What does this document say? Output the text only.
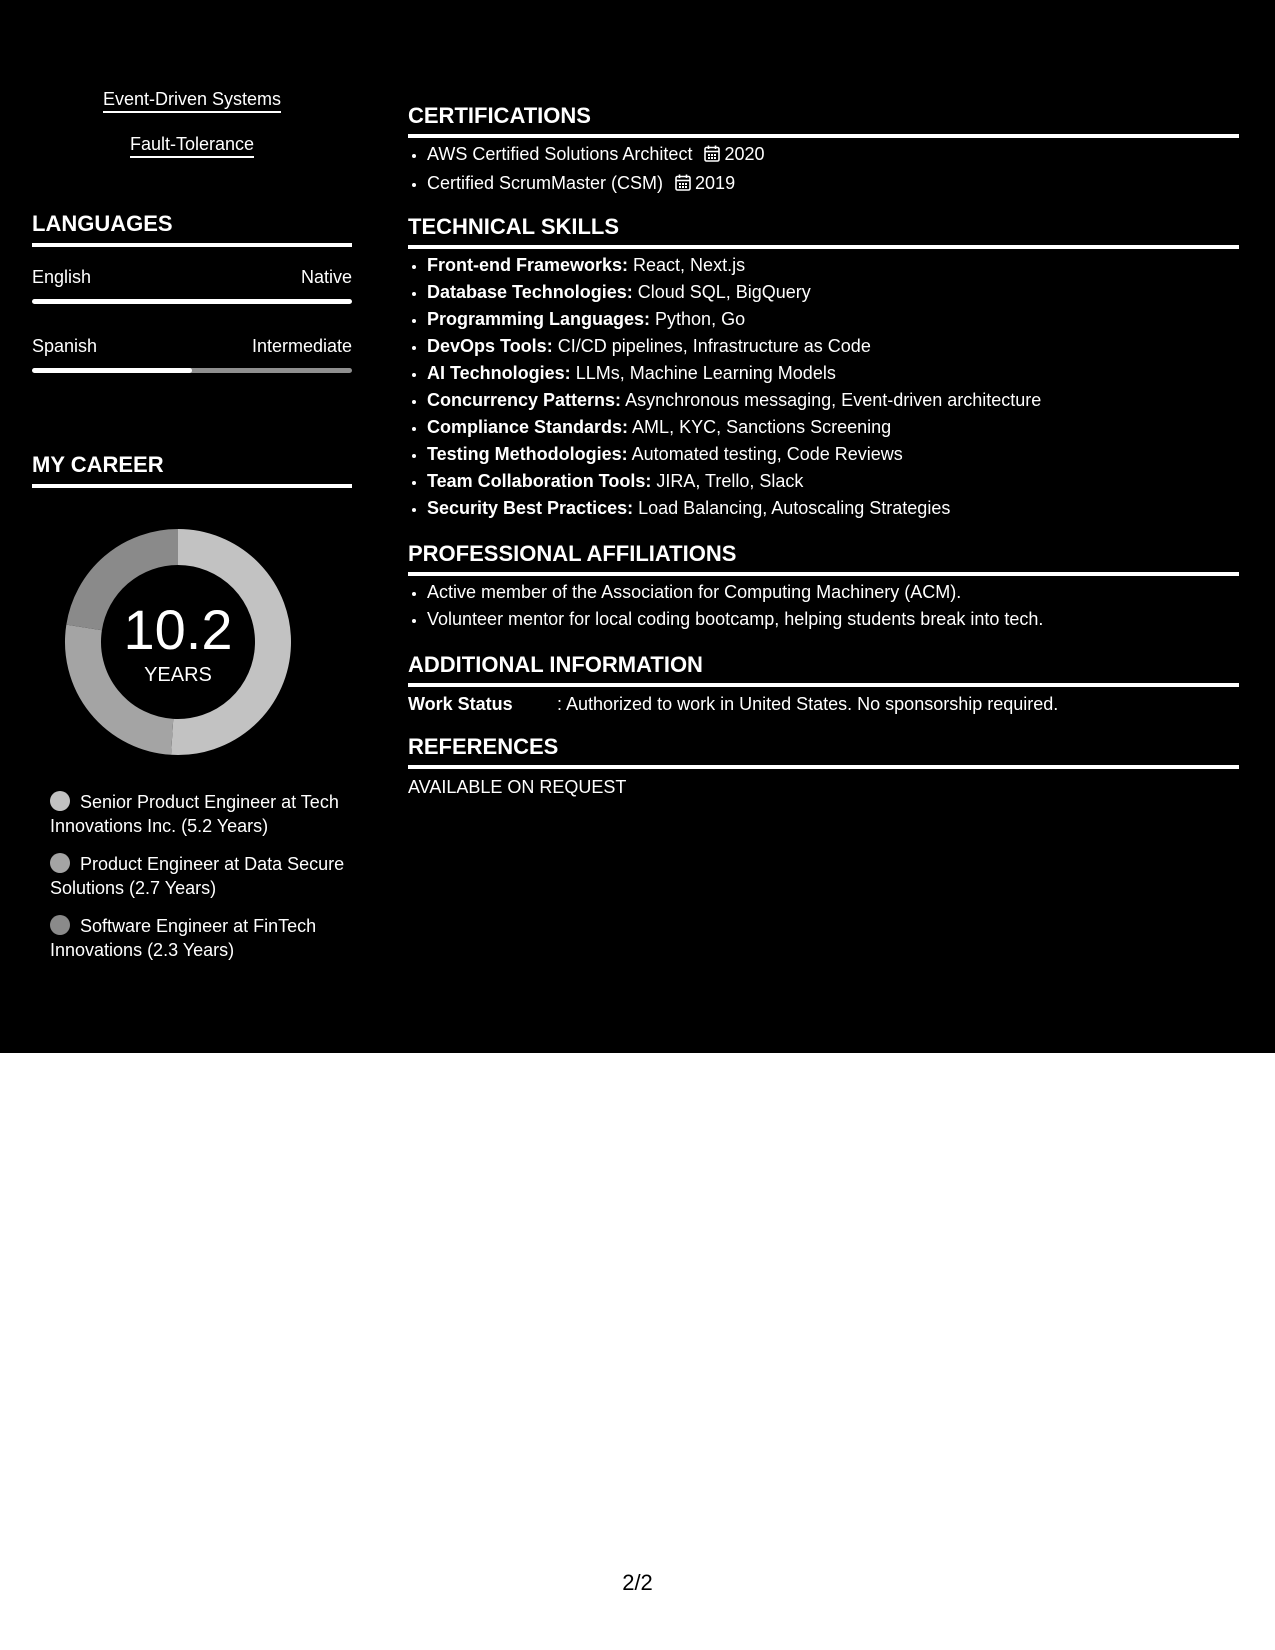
Event-Driven Systems
Fault-Tolerance
LANGUAGES
English	Native
Spanish	Intermediate
MY CAREER
10.2
YEARS
Senior Product Engineer at Tech Innovations Inc. (5.2 Years)
Product Engineer at Data Secure Solutions (2.7 Years)
Software Engineer at FinTech Innovations (2.3 Years)
CERTIFICATIONS
• AWS Certified Solutions Architect 2020
• Certified ScrumMaster (CSM) 2019
TECHNICAL SKILLS
• Front-end Frameworks: React, Next.js
• Database Technologies: Cloud SQL, BigQuery
• Programming Languages: Python, Go
• DevOps Tools: CI/CD pipelines, Infrastructure as Code
• AI Technologies: LLMs, Machine Learning Models
• Concurrency Patterns: Asynchronous messaging, Event-driven architecture
• Compliance Standards: AML, KYC, Sanctions Screening
• Testing Methodologies: Automated testing, Code Reviews
• Team Collaboration Tools: JIRA, Trello, Slack
• Security Best Practices: Load Balancing, Autoscaling Strategies
PROFESSIONAL AFFILIATIONS
• Active member of the Association for Computing Machinery (ACM).
• Volunteer mentor for local coding bootcamp, helping students break into tech.
ADDITIONAL INFORMATION
Work Status : Authorized to work in United States. No sponsorship required.
REFERENCES
AVAILABLE ON REQUEST
2/2
